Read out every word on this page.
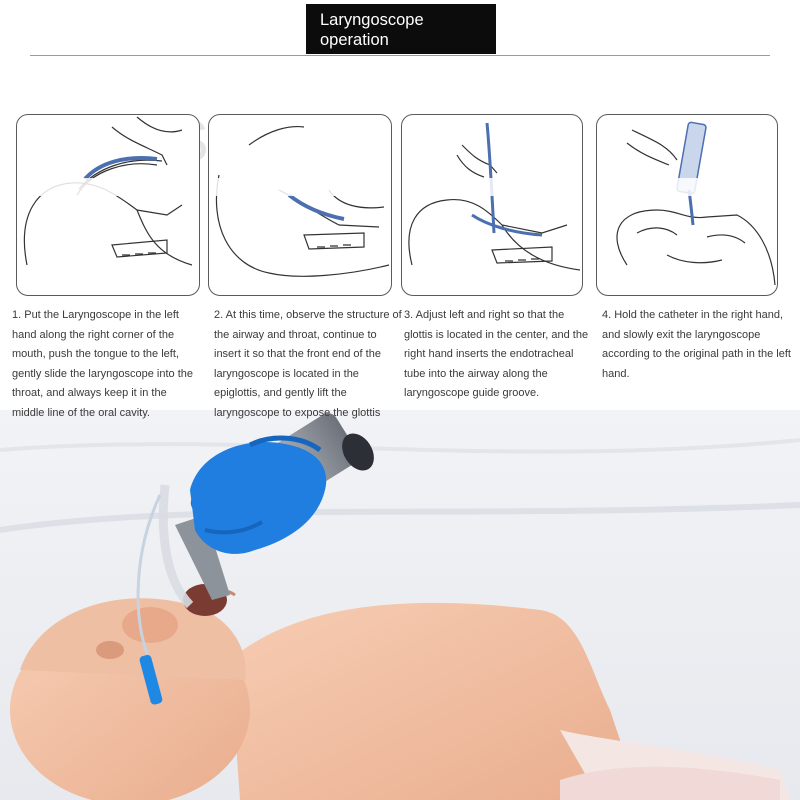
Laryngoscope operation
1. Put the Laryngoscope in the left hand along the right corner of the mouth, push the tongue to the left, gently slide the laryngoscope into the throat, and always keep it in the middle line of the oral cavity.
2. At this time, observe the structure of the airway and throat, continue to insert it so that the front end of the laryngoscope is located in the epiglottis, and gently lift the laryngoscope to expose the glottis
3. Adjust left and right so that the glottis is located in the center, and the right hand inserts the endotracheal tube into the airway along the laryngoscope guide groove.
4. Hold the catheter in the right hand, and slowly exit the laryngoscope according to the original path in the left hand.
